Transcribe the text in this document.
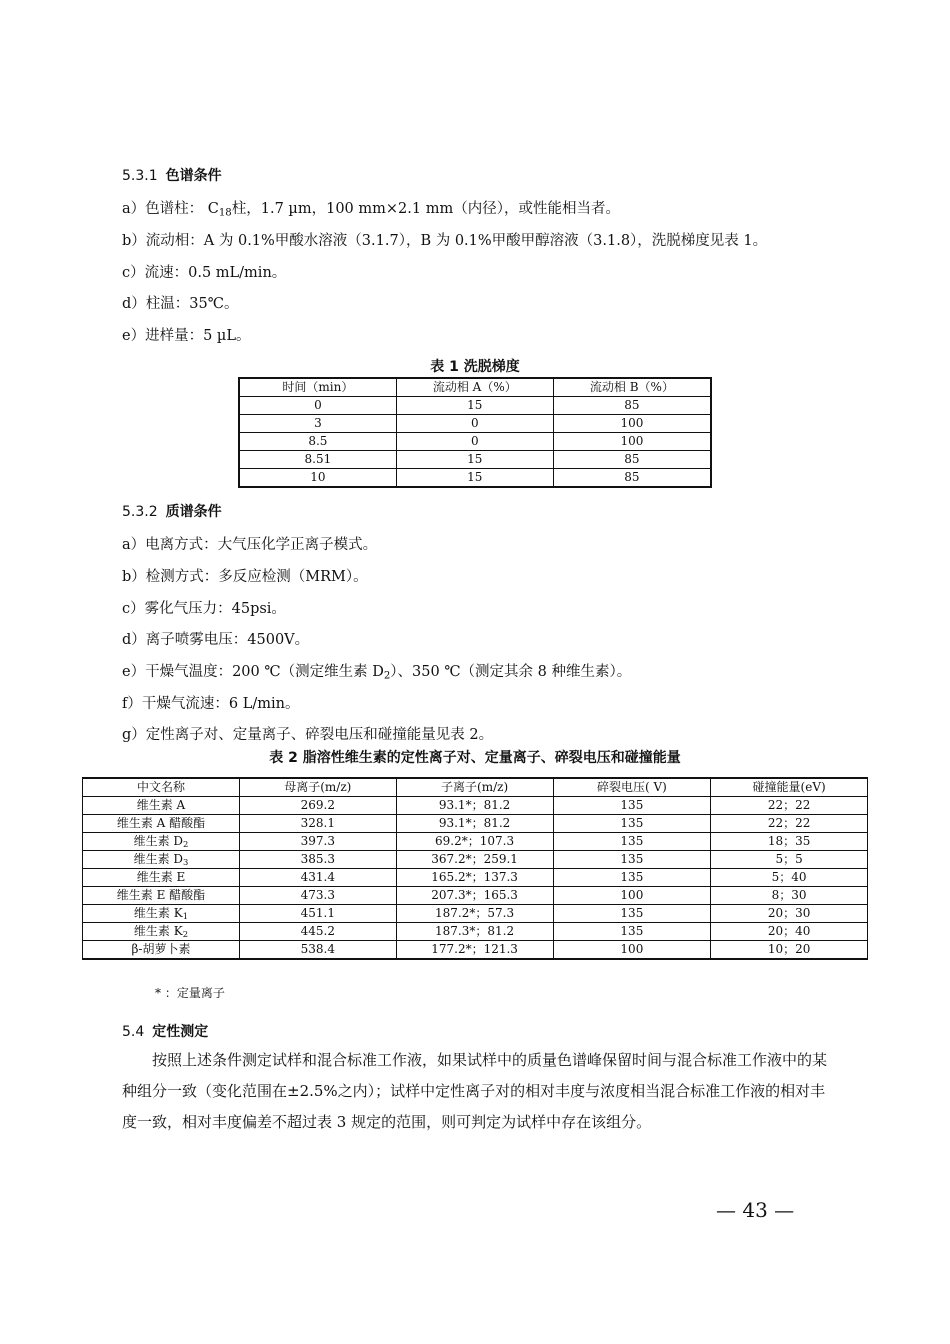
5.3.1 色谱条件
a）色谱柱： $C_{18}$柱，1.7 µm，100 mm×2.1 mm（内径），或性能相当者。
b）流动相：A 为 0.1%甲酸水溶液（3.1.7），B 为 0.1%甲酸甲醇溶液（3.1.8），洗脱梯度见表 1。
c）流速：0.5 mL/min。
d）柱温：35℃。
e）进样量：5 µL。
表 1 洗脱梯度
时间（min）	流动相 A（%）	流动相 B（%）
0	15	85
3	0	100
8.5	0	100
8.51	15	85
10	15	85
5.3.2 质谱条件
a）电离方式：大气压化学正离子模式。
b）检测方式：多反应检测（MRM）。
c）雾化气压力：45psi。
d）离子喷雾电压：4500V。
e）干燥气温度：200 ℃（测定维生素 $D_2$）、350 ℃（测定其余 8 种维生素）。
f）干燥气流速：6 L/min。
g）定性离子对、定量离子、碎裂电压和碰撞能量见表 2。
表 2 脂溶性维生素的定性离子对、定量离子、碎裂电压和碰撞能量
中文名称	母离子(m/z)	子离子(m/z)	碎裂电压( V)	碰撞能量(eV)
维生素 A	269.2	93.1*；81.2	135	22；22
维生素 A 醋酸酯	328.1	93.1*；81.2	135	22；22
维生素 $D_2$	397.3	69.2*；107.3	135	18；35
维生素 $D_3$	385.3	367.2*；259.1	135	5；5
维生素 E	431.4	165.2*；137.3	135	5；40
维生素 E 醋酸酯	473.3	207.3*；165.3	100	8；30
维生素 $K_1$	451.1	187.2*；57.3	135	20；30
维生素 $K_2$	445.2	187.3*；81.2	135	20；40
β-胡萝卜素	538.4	177.2*；121.3	100	10；20
* ：定量离子
5.4 定性测定
按照上述条件测定试样和混合标准工作液，如果试样中的质量色谱峰保留时间与混合标准工作液中的某种组分一致（变化范围在±2.5%之内）；试样中定性离子对的相对丰度与浓度相当混合标准工作液的相对丰度一致，相对丰度偏差不超过表 3 规定的范围，则可判定为试样中存在该组分。
— 43 —
